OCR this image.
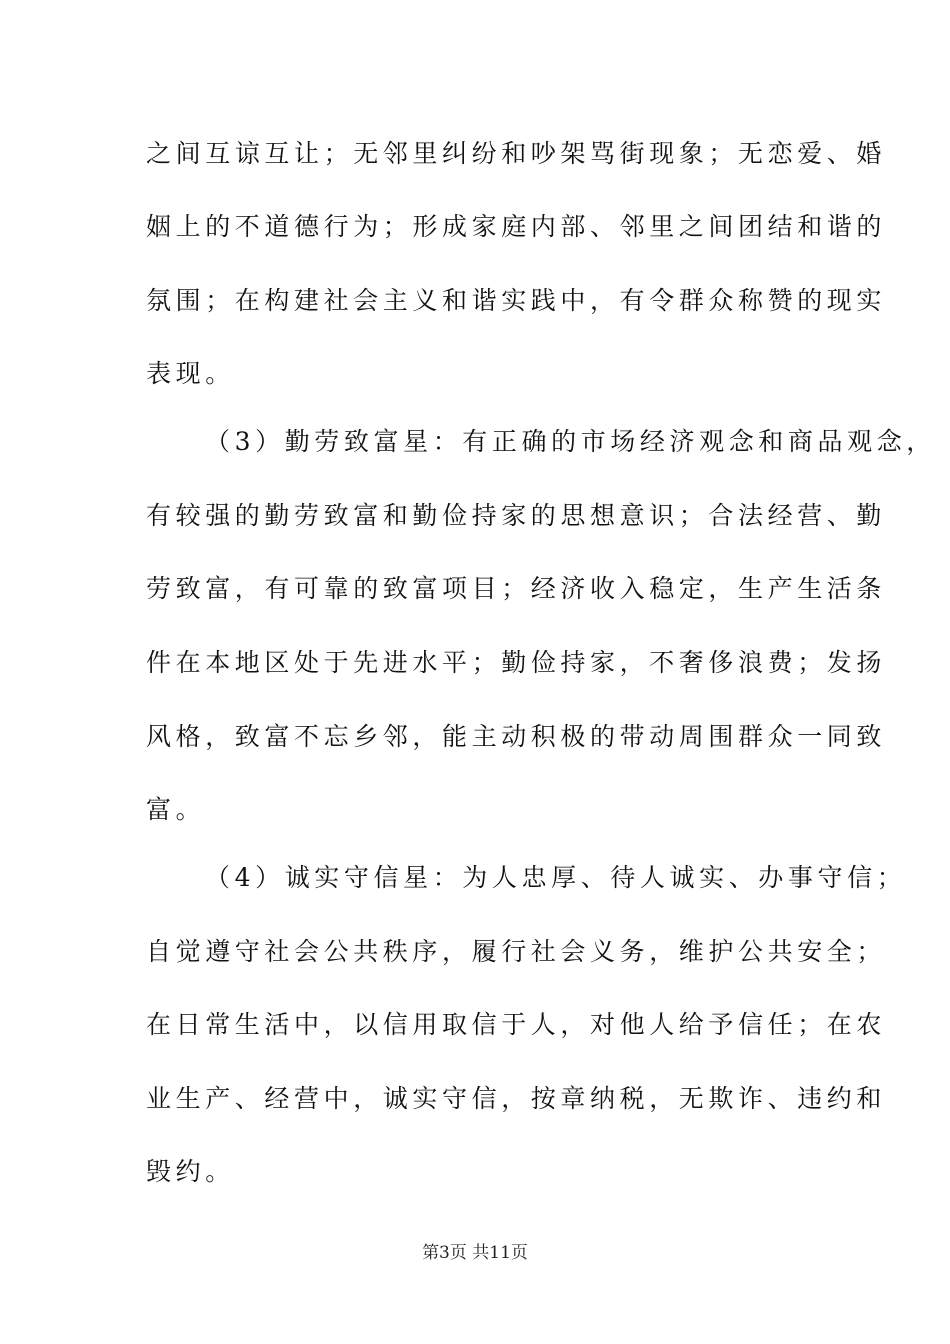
之间互谅互让；无邻里纠纷和吵架骂街现象；无恋爱、婚
姻上的不道德行为；形成家庭内部、邻里之间团结和谐的
氛围；在构建社会主义和谐实践中，有令群众称赞的现实
表现。
（3）勤劳致富星：有正确的市场经济观念和商品观念，
有较强的勤劳致富和勤俭持家的思想意识；合法经营、勤
劳致富，有可靠的致富项目；经济收入稳定，生产生活条
件在本地区处于先进水平；勤俭持家，不奢侈浪费；发扬
风格，致富不忘乡邻，能主动积极的带动周围群众一同致
富。
（4）诚实守信星：为人忠厚、待人诚实、办事守信；
自觉遵守社会公共秩序，履行社会义务，维护公共安全；
在日常生活中，以信用取信于人，对他人给予信任；在农
业生产、经营中，诚实守信，按章纳税，无欺诈、违约和
毁约。
第3页 共11页
